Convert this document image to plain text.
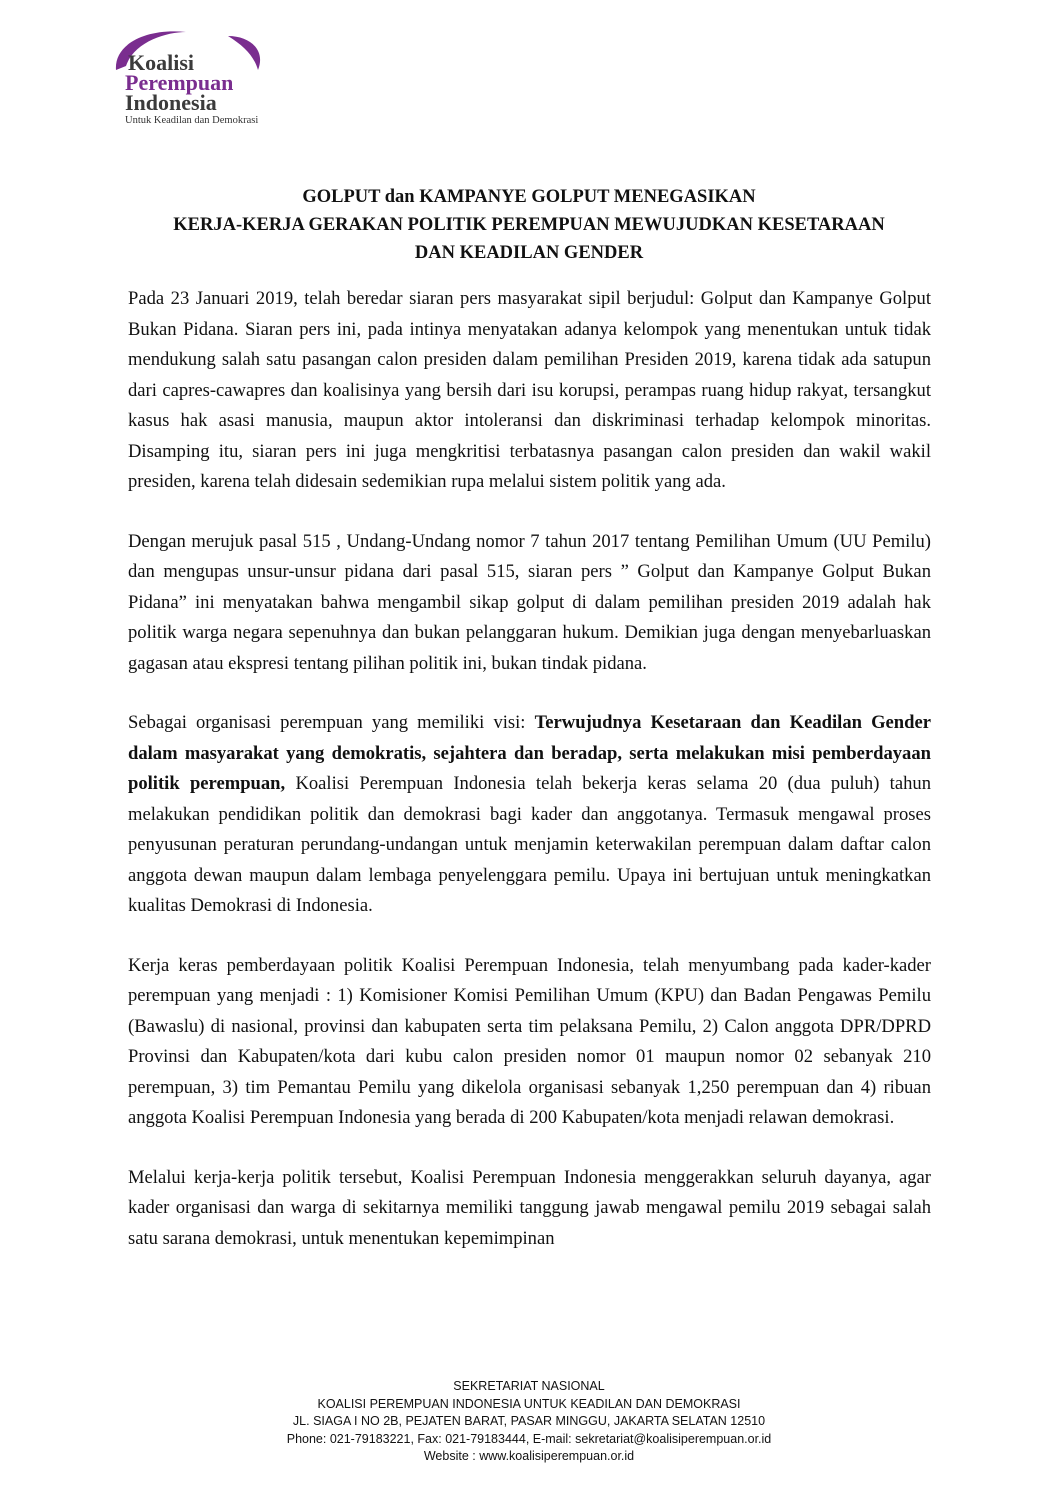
Koalisi
Perempuan
Indonesia
Untuk Keadilan dan Demokrasi
GOLPUT dan KAMPANYE GOLPUT MENEGASIKAN
KERJA-KERJA GERAKAN POLITIK PEREMPUAN MEWUJUDKAN KESETARAAN
DAN KEADILAN GENDER

Pada 23 Januari 2019, telah beredar siaran pers masyarakat sipil berjudul: Golput dan Kampanye Golput Bukan Pidana. Siaran pers ini, pada intinya menyatakan adanya kelompok yang menentukan untuk tidak mendukung salah satu pasangan calon presiden dalam pemilihan Presiden 2019, karena tidak ada satupun dari capres-cawapres dan koalisinya yang bersih dari isu korupsi, perampas ruang hidup rakyat, tersangkut kasus hak asasi manusia, maupun aktor intoleransi dan diskriminasi terhadap kelompok minoritas. Disamping itu, siaran pers ini juga mengkritisi terbatasnya pasangan calon presiden dan wakil wakil presiden, karena telah didesain sedemikian rupa melalui sistem politik yang ada.

Dengan merujuk pasal 515 , Undang-Undang nomor 7 tahun 2017 tentang Pemilihan Umum (UU Pemilu) dan mengupas unsur-unsur pidana dari pasal 515, siaran pers ” Golput dan Kampanye Golput Bukan Pidana” ini menyatakan bahwa mengambil sikap golput di dalam pemilihan presiden 2019 adalah hak politik warga negara sepenuhnya dan bukan pelanggaran hukum. Demikian juga dengan menyebarluaskan gagasan atau ekspresi tentang pilihan politik ini, bukan tindak pidana.

Sebagai organisasi perempuan yang memiliki visi: Terwujudnya Kesetaraan dan Keadilan Gender dalam masyarakat yang demokratis, sejahtera dan beradap, serta melakukan misi pemberdayaan politik perempuan, Koalisi Perempuan Indonesia telah bekerja keras selama 20 (dua puluh) tahun melakukan pendidikan politik dan demokrasi bagi kader dan anggotanya. Termasuk mengawal proses penyusunan peraturan perundang-undangan untuk menjamin keterwakilan perempuan dalam daftar calon anggota dewan maupun dalam lembaga penyelenggara pemilu. Upaya ini bertujuan untuk meningkatkan kualitas Demokrasi di Indonesia.

Kerja keras pemberdayaan politik Koalisi Perempuan Indonesia, telah menyumbang pada kader-kader perempuan yang menjadi : 1) Komisioner Komisi Pemilihan Umum (KPU) dan Badan Pengawas Pemilu (Bawaslu) di nasional, provinsi dan kabupaten serta tim pelaksana Pemilu, 2) Calon anggota DPR/DPRD Provinsi dan Kabupaten/kota dari kubu calon presiden nomor 01 maupun nomor 02 sebanyak 210 perempuan, 3) tim Pemantau Pemilu yang dikelola organisasi sebanyak 1,250 perempuan dan 4) ribuan anggota Koalisi Perempuan Indonesia yang berada di 200 Kabupaten/kota menjadi relawan demokrasi.

Melalui kerja-kerja politik tersebut, Koalisi Perempuan Indonesia menggerakkan seluruh dayanya, agar kader organisasi dan warga di sekitarnya memiliki tanggung jawab mengawal pemilu 2019 sebagai salah satu sarana demokrasi, untuk menentukan kepemimpinan

SEKRETARIAT NASIONAL
KOALISI PEREMPUAN INDONESIA UNTUK KEADILAN DAN DEMOKRASI
JL. SIAGA I NO 2B, PEJATEN BARAT, PASAR MINGGU, JAKARTA SELATAN 12510
Phone: 021-79183221, Fax: 021-79183444, E-mail: sekretariat@koalisiperempuan.or.id
Website : www.koalisiperempuan.or.id
